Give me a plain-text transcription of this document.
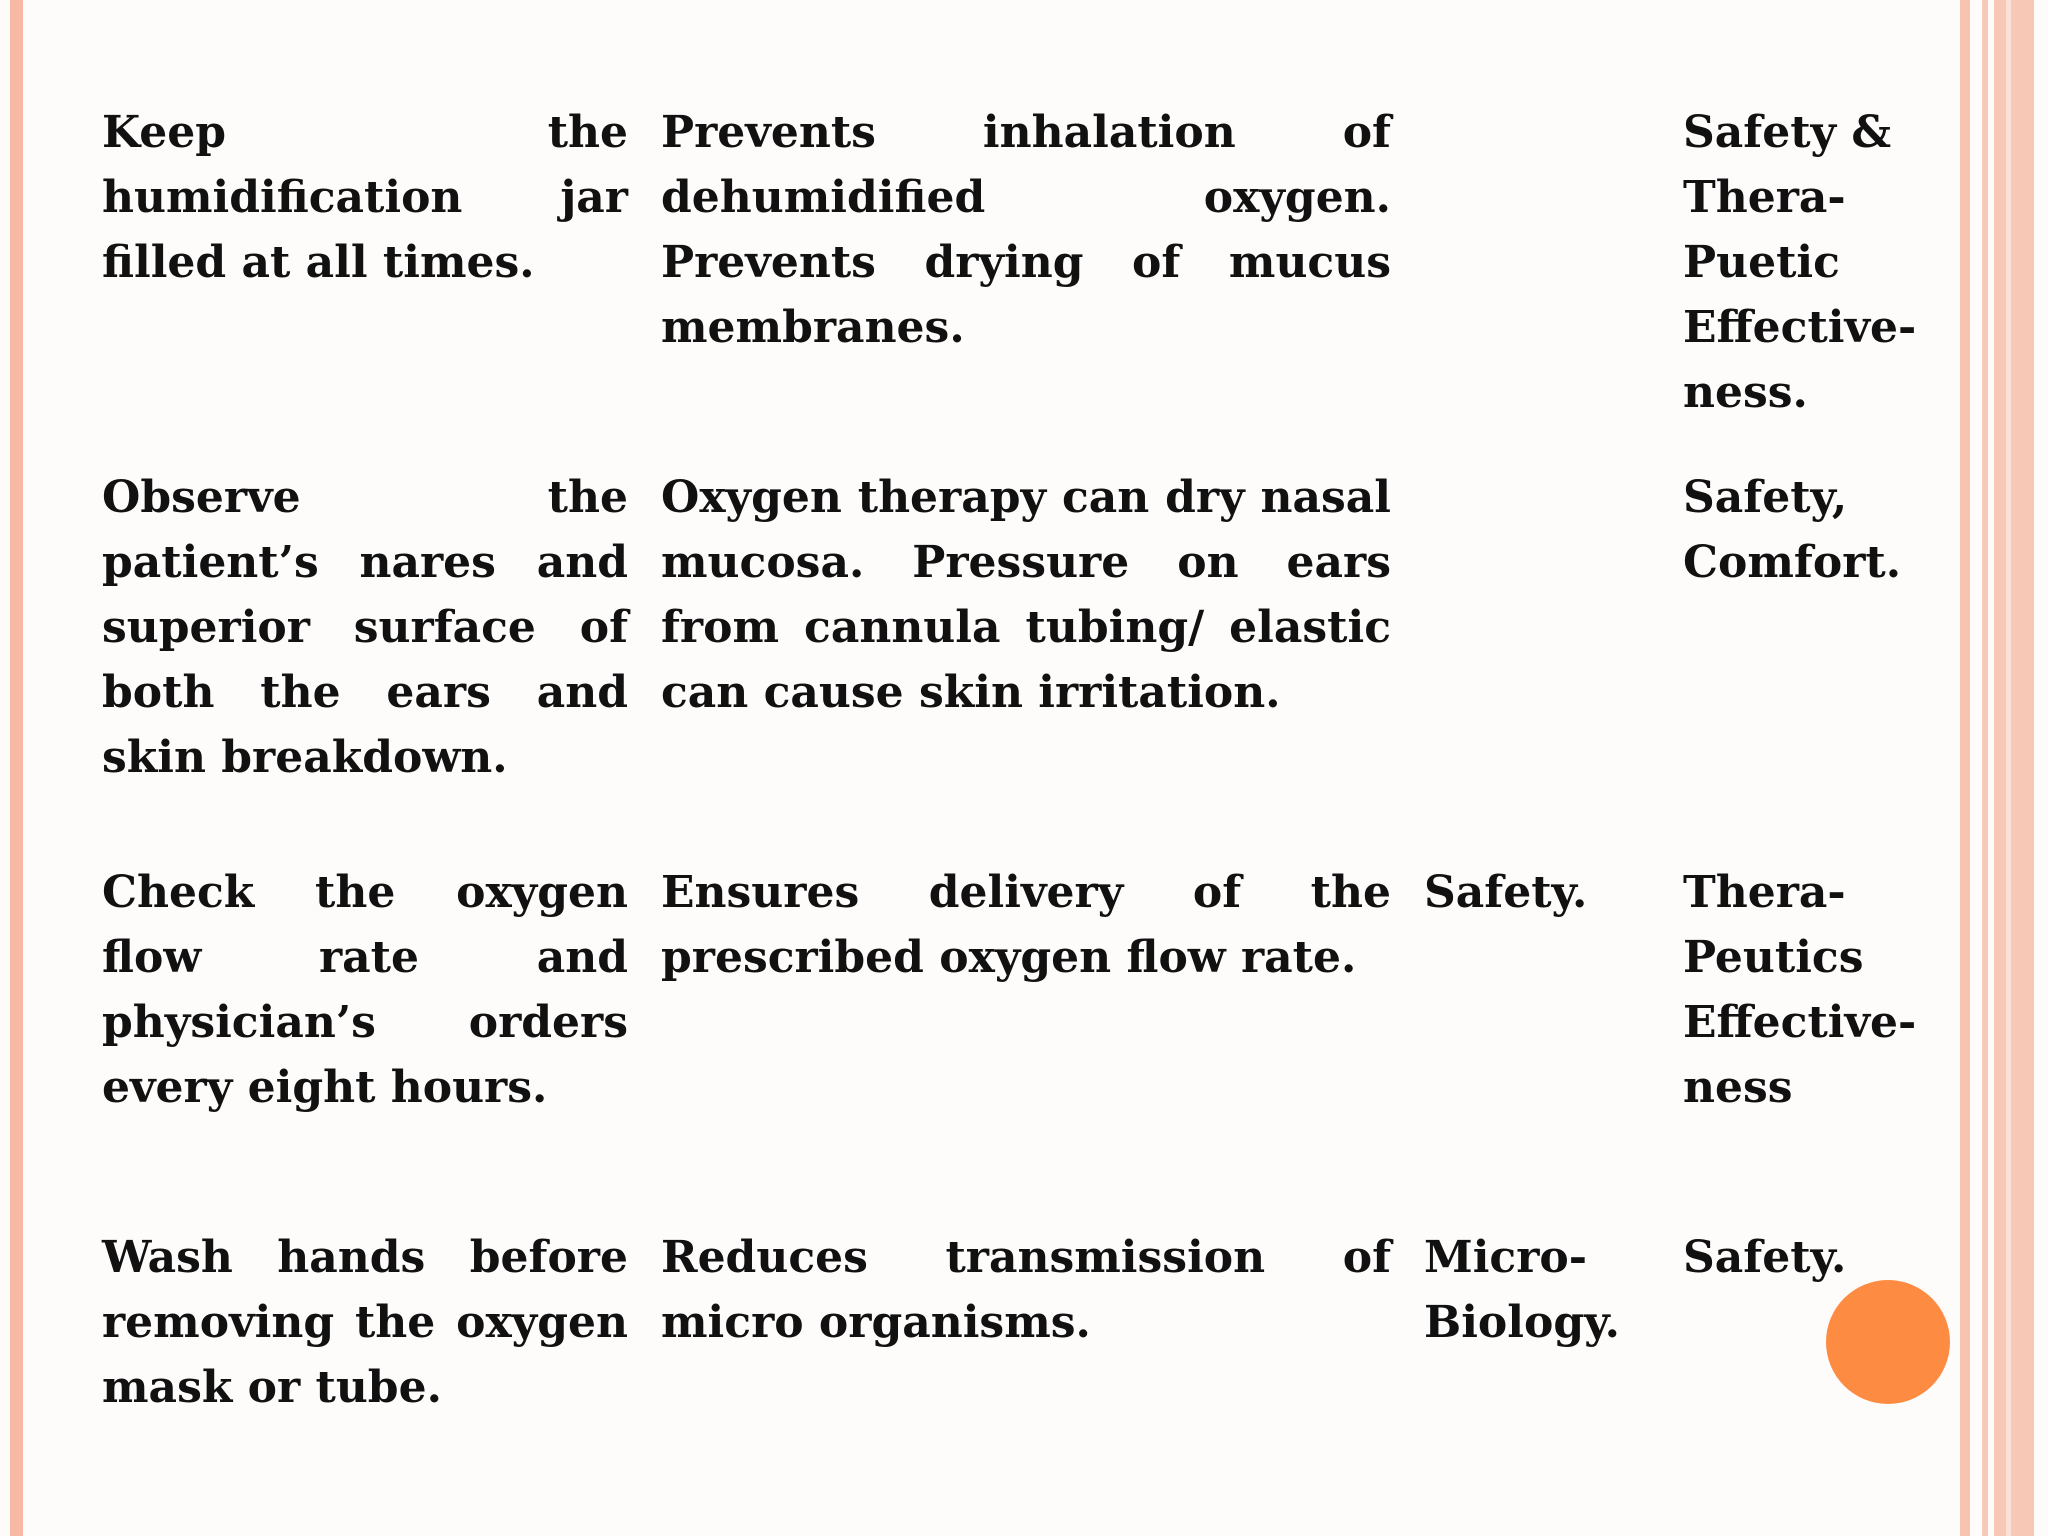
Keep the humidification jar filled at all times.
Prevents inhalation of dehumidified oxygen. Prevents drying of mucus membranes.
Safety &
Thera-
Puetic
Effective-
ness.
Observe the patient’s nares and superior surface of both the ears and skin breakdown.
Oxygen therapy can dry nasal mucosa. Pressure on ears from cannula tubing/ elastic can cause skin irritation.
Safety,
Comfort.
Check the oxygen flow rate and physician’s orders every eight hours.
Ensures delivery of the prescribed oxygen flow rate.
Safety.	Thera-
Peutics
Effective-
ness
Wash hands before removing the oxygen mask or tube.
Reduces transmission of micro organisms.
Micro-
Biology.
Safety.
